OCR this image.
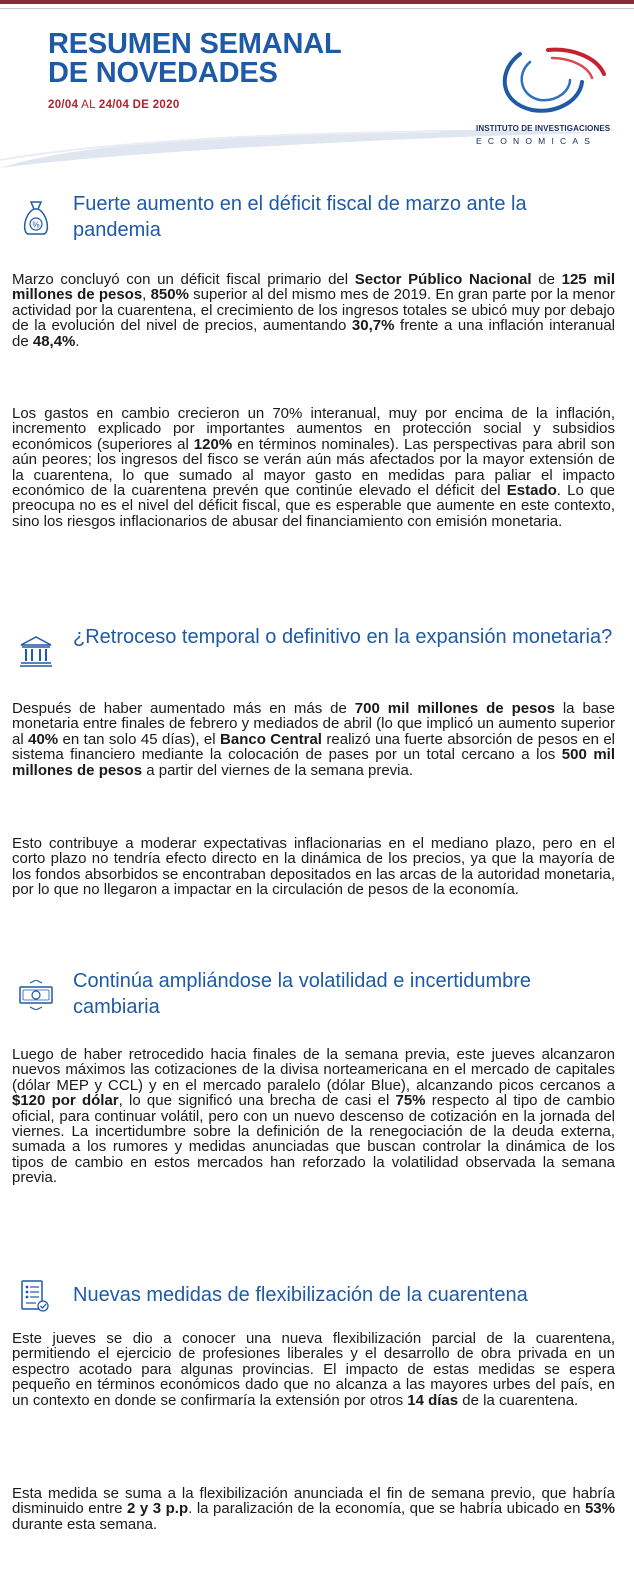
RESUMEN SEMANAL
DE NOVEDADES
20/04 AL 24/04 DE 2020
INSTITUTO DE INVESTIGACIONES
ECONOMICAS
%
Fuerte aumento en el déficit fiscal de marzo ante la pandemia
Marzo concluyó con un déficit fiscal primario del Sector Público Nacional de 125 mil millones de pesos, 850% superior al del mismo mes de 2019. En gran parte por la menor actividad por la cuarentena, el crecimiento de los ingresos totales se ubicó muy por debajo de la evolución del nivel de precios, aumentando 30,7% frente a una inflación interanual de 48,4%.
Los gastos en cambio crecieron un 70% interanual, muy por encima de la inflación, incremento explicado por importantes aumentos en protección social y subsidios económicos (superiores al 120% en términos nominales). Las perspectivas para abril son aún peores; los ingresos del fisco se verán aún más afectados por la mayor extensión de la cuarentena, lo que sumado al mayor gasto en medidas para paliar el impacto económico de la cuarentena prevén que continúe elevado el déficit del Estado. Lo que preocupa no es el nivel del déficit fiscal, que es esperable que aumente en este contexto, sino los riesgos inflacionarios de abusar del financiamiento con emisión monetaria.
¿Retroceso temporal o definitivo en la expansión monetaria?
Después de haber aumentado más en más de 700 mil millones de pesos la base monetaria entre finales de febrero y mediados de abril (lo que implicó un aumento superior al 40% en tan solo 45 días), el Banco Central realizó una fuerte absorción de pesos en el sistema financiero mediante la colocación de pases por un total cercano a los 500 mil millones de pesos a partir del viernes de la semana previa.
Esto contribuye a moderar expectativas inflacionarias en el mediano plazo, pero en el corto plazo no tendría efecto directo en la dinámica de los precios, ya que la mayoría de los fondos absorbidos se encontraban depositados en las arcas de la autoridad monetaria, por lo que no llegaron a impactar en la circulación de pesos de la economía.
Continúa ampliándose la volatilidad e incertidumbre cambiaria
Luego de haber retrocedido hacia finales de la semana previa, este jueves alcanzaron nuevos máximos las cotizaciones de la divisa norteamericana en el mercado de capitales (dólar MEP y CCL) y en el mercado paralelo (dólar Blue), alcanzando picos cercanos a $120 por dólar, lo que significó una brecha de casi el 75% respecto al tipo de cambio oficial, para continuar volátil, pero con un nuevo descenso de cotización en la jornada del viernes. La incertidumbre sobre la definición de la renegociación de la deuda externa, sumada a los rumores y medidas anunciadas que buscan controlar la dinámica de los tipos de cambio en estos mercados han reforzado la volatilidad observada la semana previa.
Nuevas medidas de flexibilización de la cuarentena
Este jueves se dio a conocer una nueva flexibilización parcial de la cuarentena, permitiendo el ejercicio de profesiones liberales y el desarrollo de obra privada en un espectro acotado para algunas provincias. El impacto de estas medidas se espera pequeño en términos económicos dado que no alcanza a las mayores urbes del país, en un contexto en donde se confirmaría la extensión por otros 14 días de la cuarentena.
Esta medida se suma a la flexibilización anunciada el fin de semana previo, que habría disminuido entre 2 y 3 p.p. la paralización de la economía, que se habría ubicado en 53% durante esta semana.
